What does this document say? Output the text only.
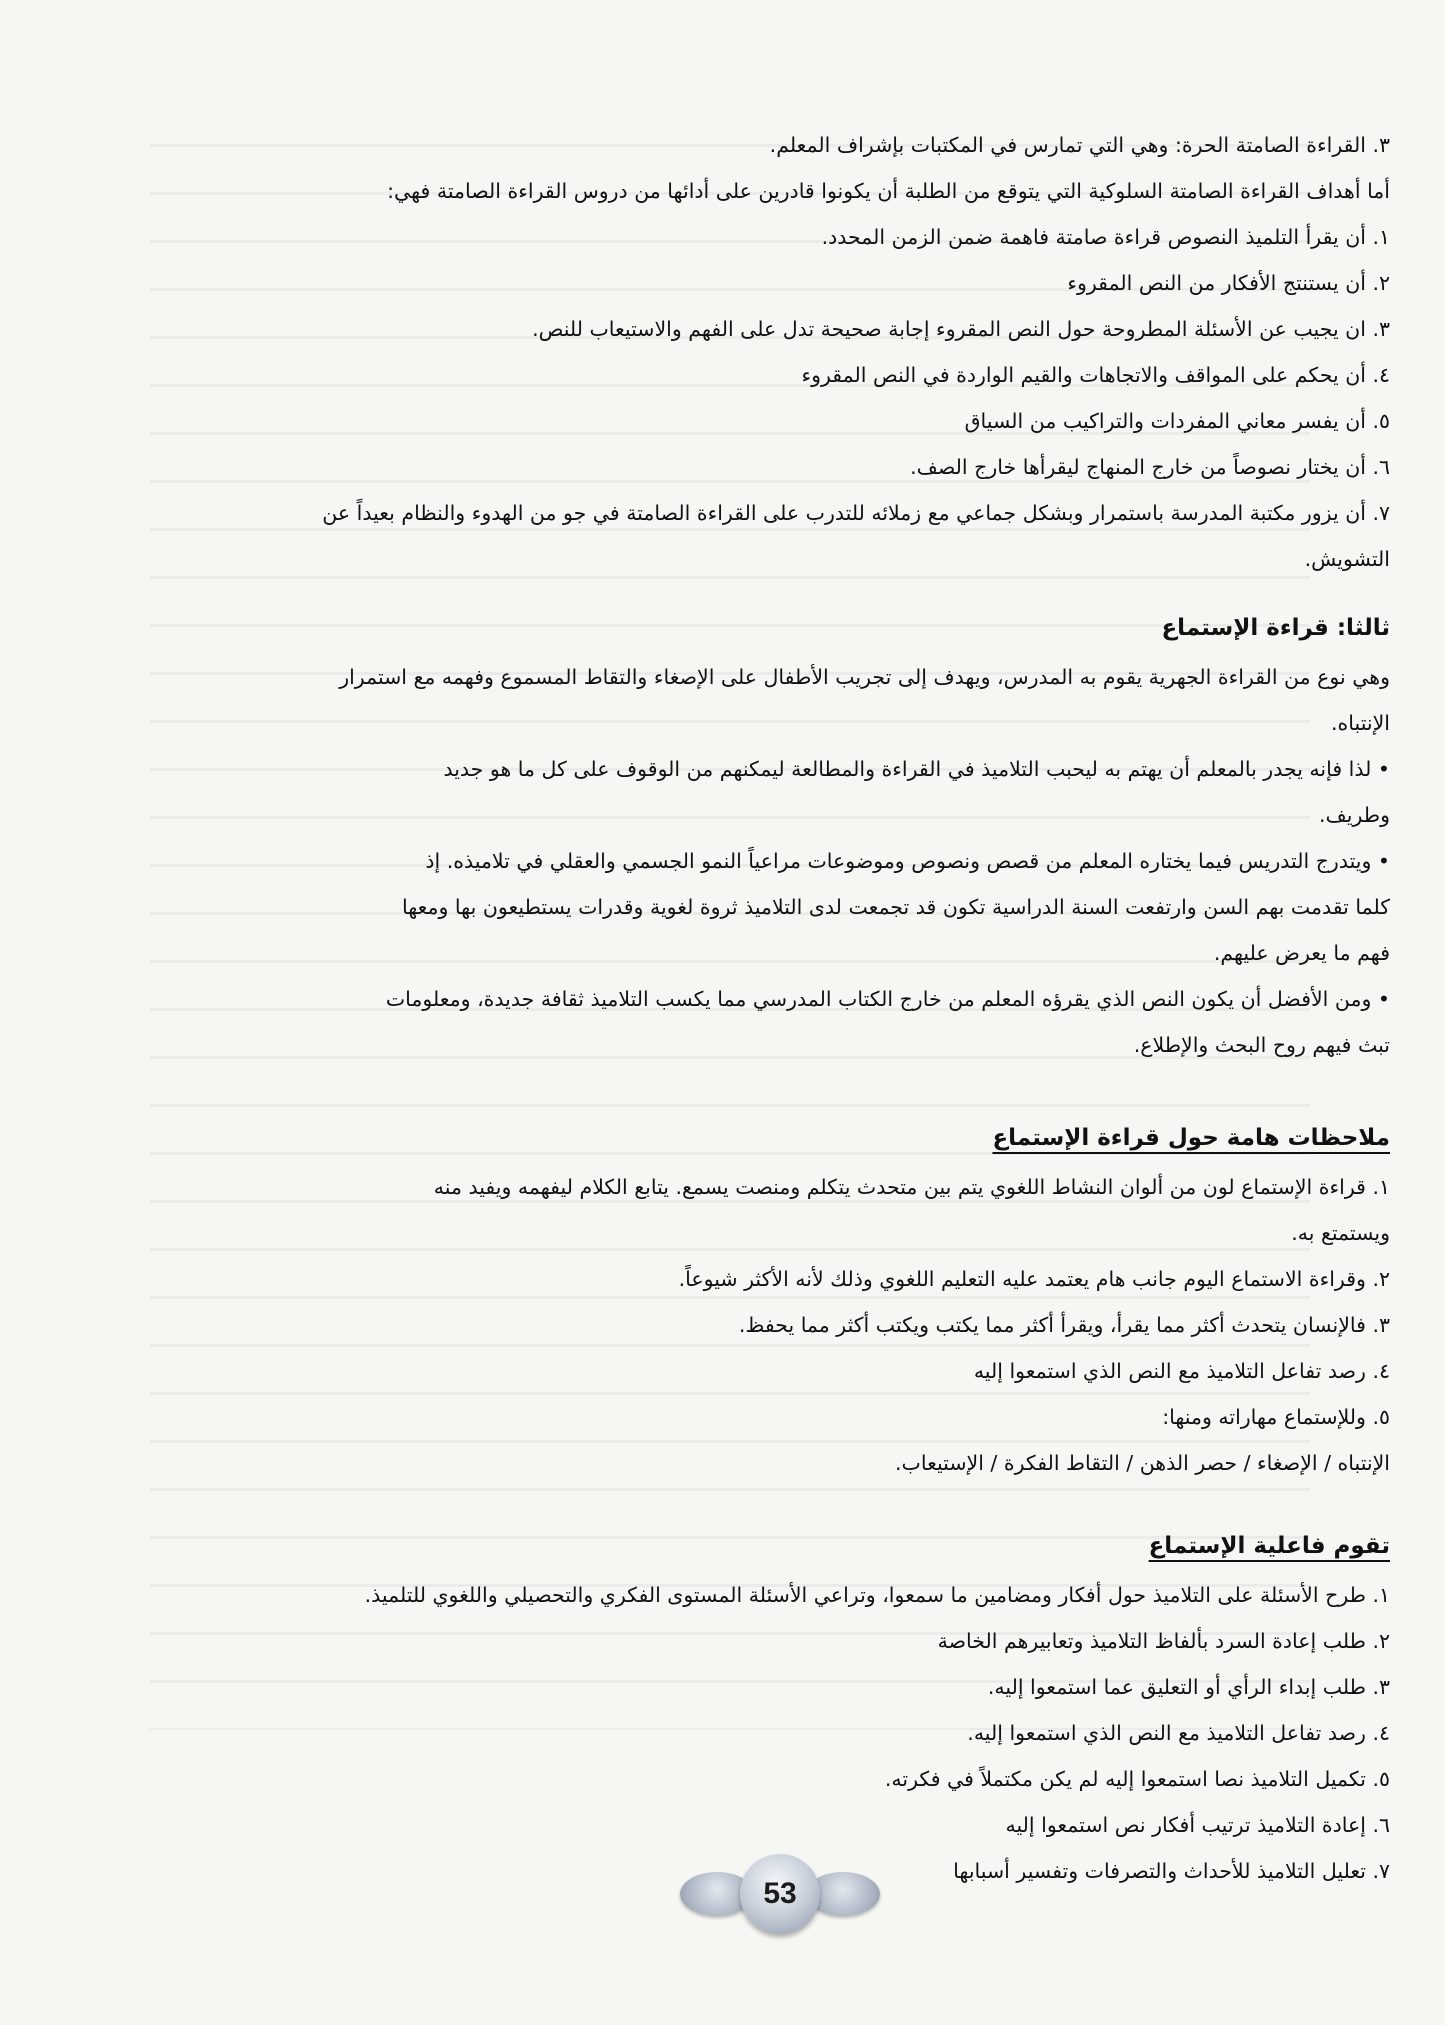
٣. القراءة الصامتة الحرة: وهي التي تمارس في المكتبات بإشراف المعلم.
أما أهداف القراءة الصامتة السلوكية التي يتوقع من الطلبة أن يكونوا قادرين على أدائها من دروس القراءة الصامتة فهي:
١. أن يقرأ التلميذ النصوص قراءة صامتة فاهمة ضمن الزمن المحدد.
٢. أن يستنتج الأفكار من النص المقروء
٣. ان يجيب عن الأسئلة المطروحة حول النص المقروء إجابة صحيحة تدل على الفهم والاستيعاب للنص.
٤. أن يحكم على المواقف والاتجاهات والقيم الواردة في النص المقروء
٥. أن يفسر معاني المفردات والتراكيب من السياق
٦. أن يختار نصوصاً من خارج المنهاج ليقرأها خارج الصف.
٧. أن يزور مكتبة المدرسة باستمرار وبشكل جماعي مع زملائه للتدرب على القراءة الصامتة في جو من الهدوء والنظام بعيداً عن
التشويش.
ثالثا: قراءة الإستماع
وهي نوع من القراءة الجهرية يقوم به المدرس، ويهدف إلى تجريب الأطفال على الإصغاء والتقاط المسموع وفهمه مع استمرار
الإنتباه.
• لذا فإنه يجدر بالمعلم أن يهتم به ليحبب التلاميذ في القراءة والمطالعة ليمكنهم من الوقوف على كل ما هو جديد
وطريف.
• ويتدرج التدريس فيما يختاره المعلم من قصص ونصوص وموضوعات مراعياً النمو الجسمي والعقلي في تلاميذه. إذ
كلما تقدمت بهم السن وارتفعت السنة الدراسية تكون قد تجمعت لدى التلاميذ ثروة لغوية وقدرات يستطيعون بها ومعها
فهم ما يعرض عليهم.
• ومن الأفضل أن يكون النص الذي يقرؤه المعلم من خارج الكتاب المدرسي مما يكسب التلاميذ ثقافة جديدة، ومعلومات
تبث فيهم روح البحث والإطلاع.
ملاحظات هامة حول قراءة الإستماع
١. قراءة الإستماع لون من ألوان النشاط اللغوي يتم بين متحدث يتكلم ومنصت يسمع. يتابع الكلام ليفهمه ويفيد منه
ويستمتع به.
٢. وقراءة الاستماع اليوم جانب هام يعتمد عليه التعليم اللغوي وذلك لأنه الأكثر شيوعاً.
٣. فالإنسان يتحدث أكثر مما يقرأ، ويقرأ أكثر مما يكتب ويكتب أكثر مما يحفظ.
٤. رصد تفاعل التلاميذ مع النص الذي استمعوا إليه
٥. وللإستماع مهاراته ومنها:
الإنتباه / الإصغاء / حصر الذهن / التقاط الفكرة / الإستيعاب.
تقوم فاعلية الإستماع
١. طرح الأسئلة على التلاميذ حول أفكار ومضامين ما سمعوا، وتراعي الأسئلة المستوى الفكري والتحصيلي واللغوي للتلميذ.
٢. طلب إعادة السرد بألفاظ التلاميذ وتعابيرهم الخاصة
٣. طلب إبداء الرأي أو التعليق عما استمعوا إليه.
٤. رصد تفاعل التلاميذ مع النص الذي استمعوا إليه.
٥. تكميل التلاميذ نصا استمعوا إليه لم يكن مكتملاً في فكرته.
٦. إعادة التلاميذ ترتيب أفكار نص استمعوا إليه
٧. تعليل التلاميذ للأحداث والتصرفات وتفسير أسبابها
53
